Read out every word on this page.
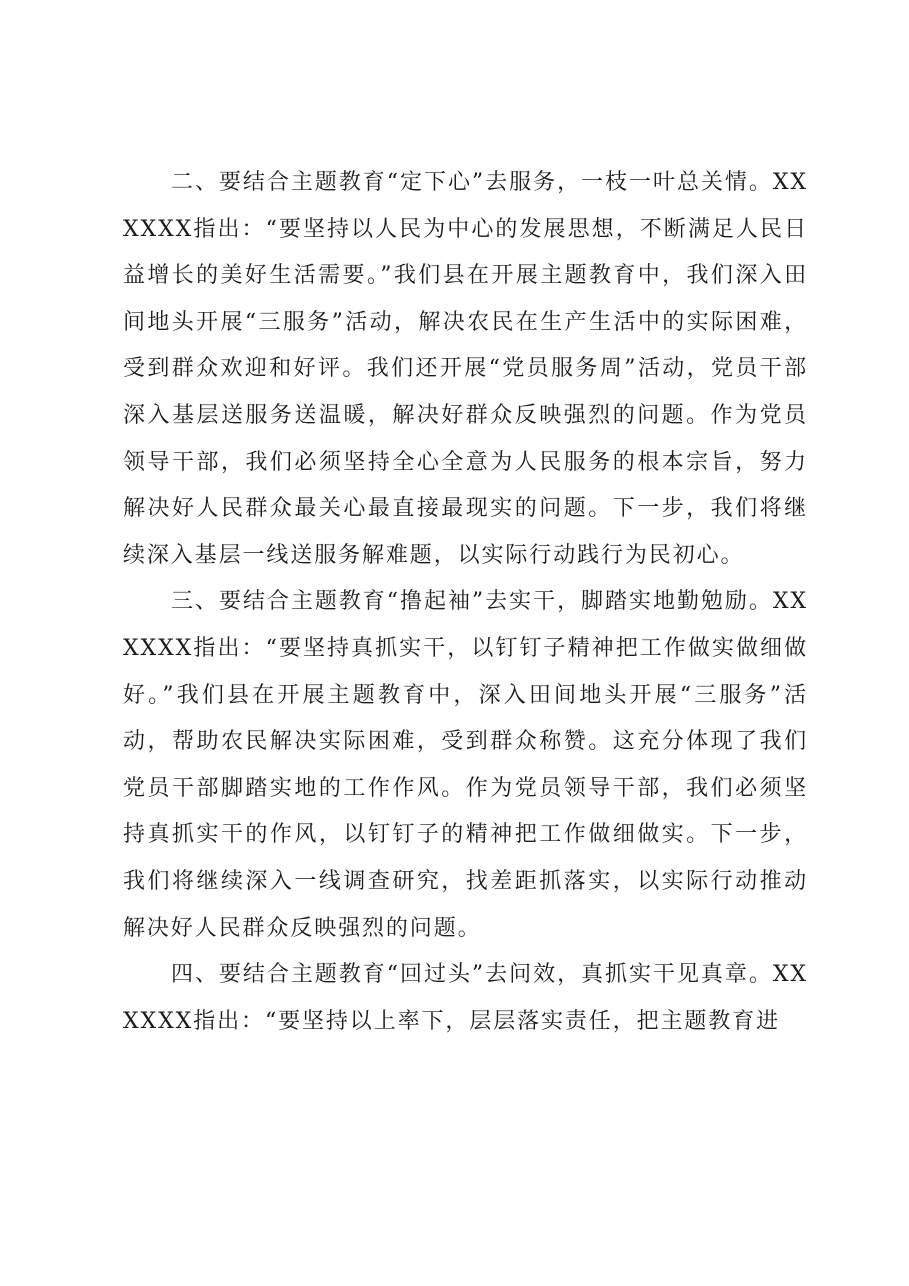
二、要结合主题教育“定下心”去服务，一枝一叶总关情。XXXXXX指出：“要坚持以人民为中心的发展思想，不断满足人民日益增长的美好生活需要。”我们县在开展主题教育中，我们深入田间地头开展“三服务”活动，解决农民在生产生活中的实际困难，受到群众欢迎和好评。我们还开展“党员服务周”活动，党员干部深入基层送服务送温暖，解决好群众反映强烈的问题。作为党员领导干部，我们必须坚持全心全意为人民服务的根本宗旨，努力解决好人民群众最关心最直接最现实的问题。下一步，我们将继续深入基层一线送服务解难题，以实际行动践行为民初心。

三、要结合主题教育“撸起袖”去实干，脚踏实地勤勉励。XXXXXX指出：“要坚持真抓实干，以钉钉子精神把工作做实做细做好。”我们县在开展主题教育中，深入田间地头开展“三服务”活动，帮助农民解决实际困难，受到群众称赞。这充分体现了我们党员干部脚踏实地的工作作风。作为党员领导干部，我们必须坚持真抓实干的作风，以钉钉子的精神把工作做细做实。下一步，我们将继续深入一线调查研究，找差距抓落实，以实际行动推动解决好人民群众反映强烈的问题。

四、要结合主题教育“回过头”去问效，真抓实干见真章。XXXXXX指出：“要坚持以上率下，层层落实责任，把主题教育进
